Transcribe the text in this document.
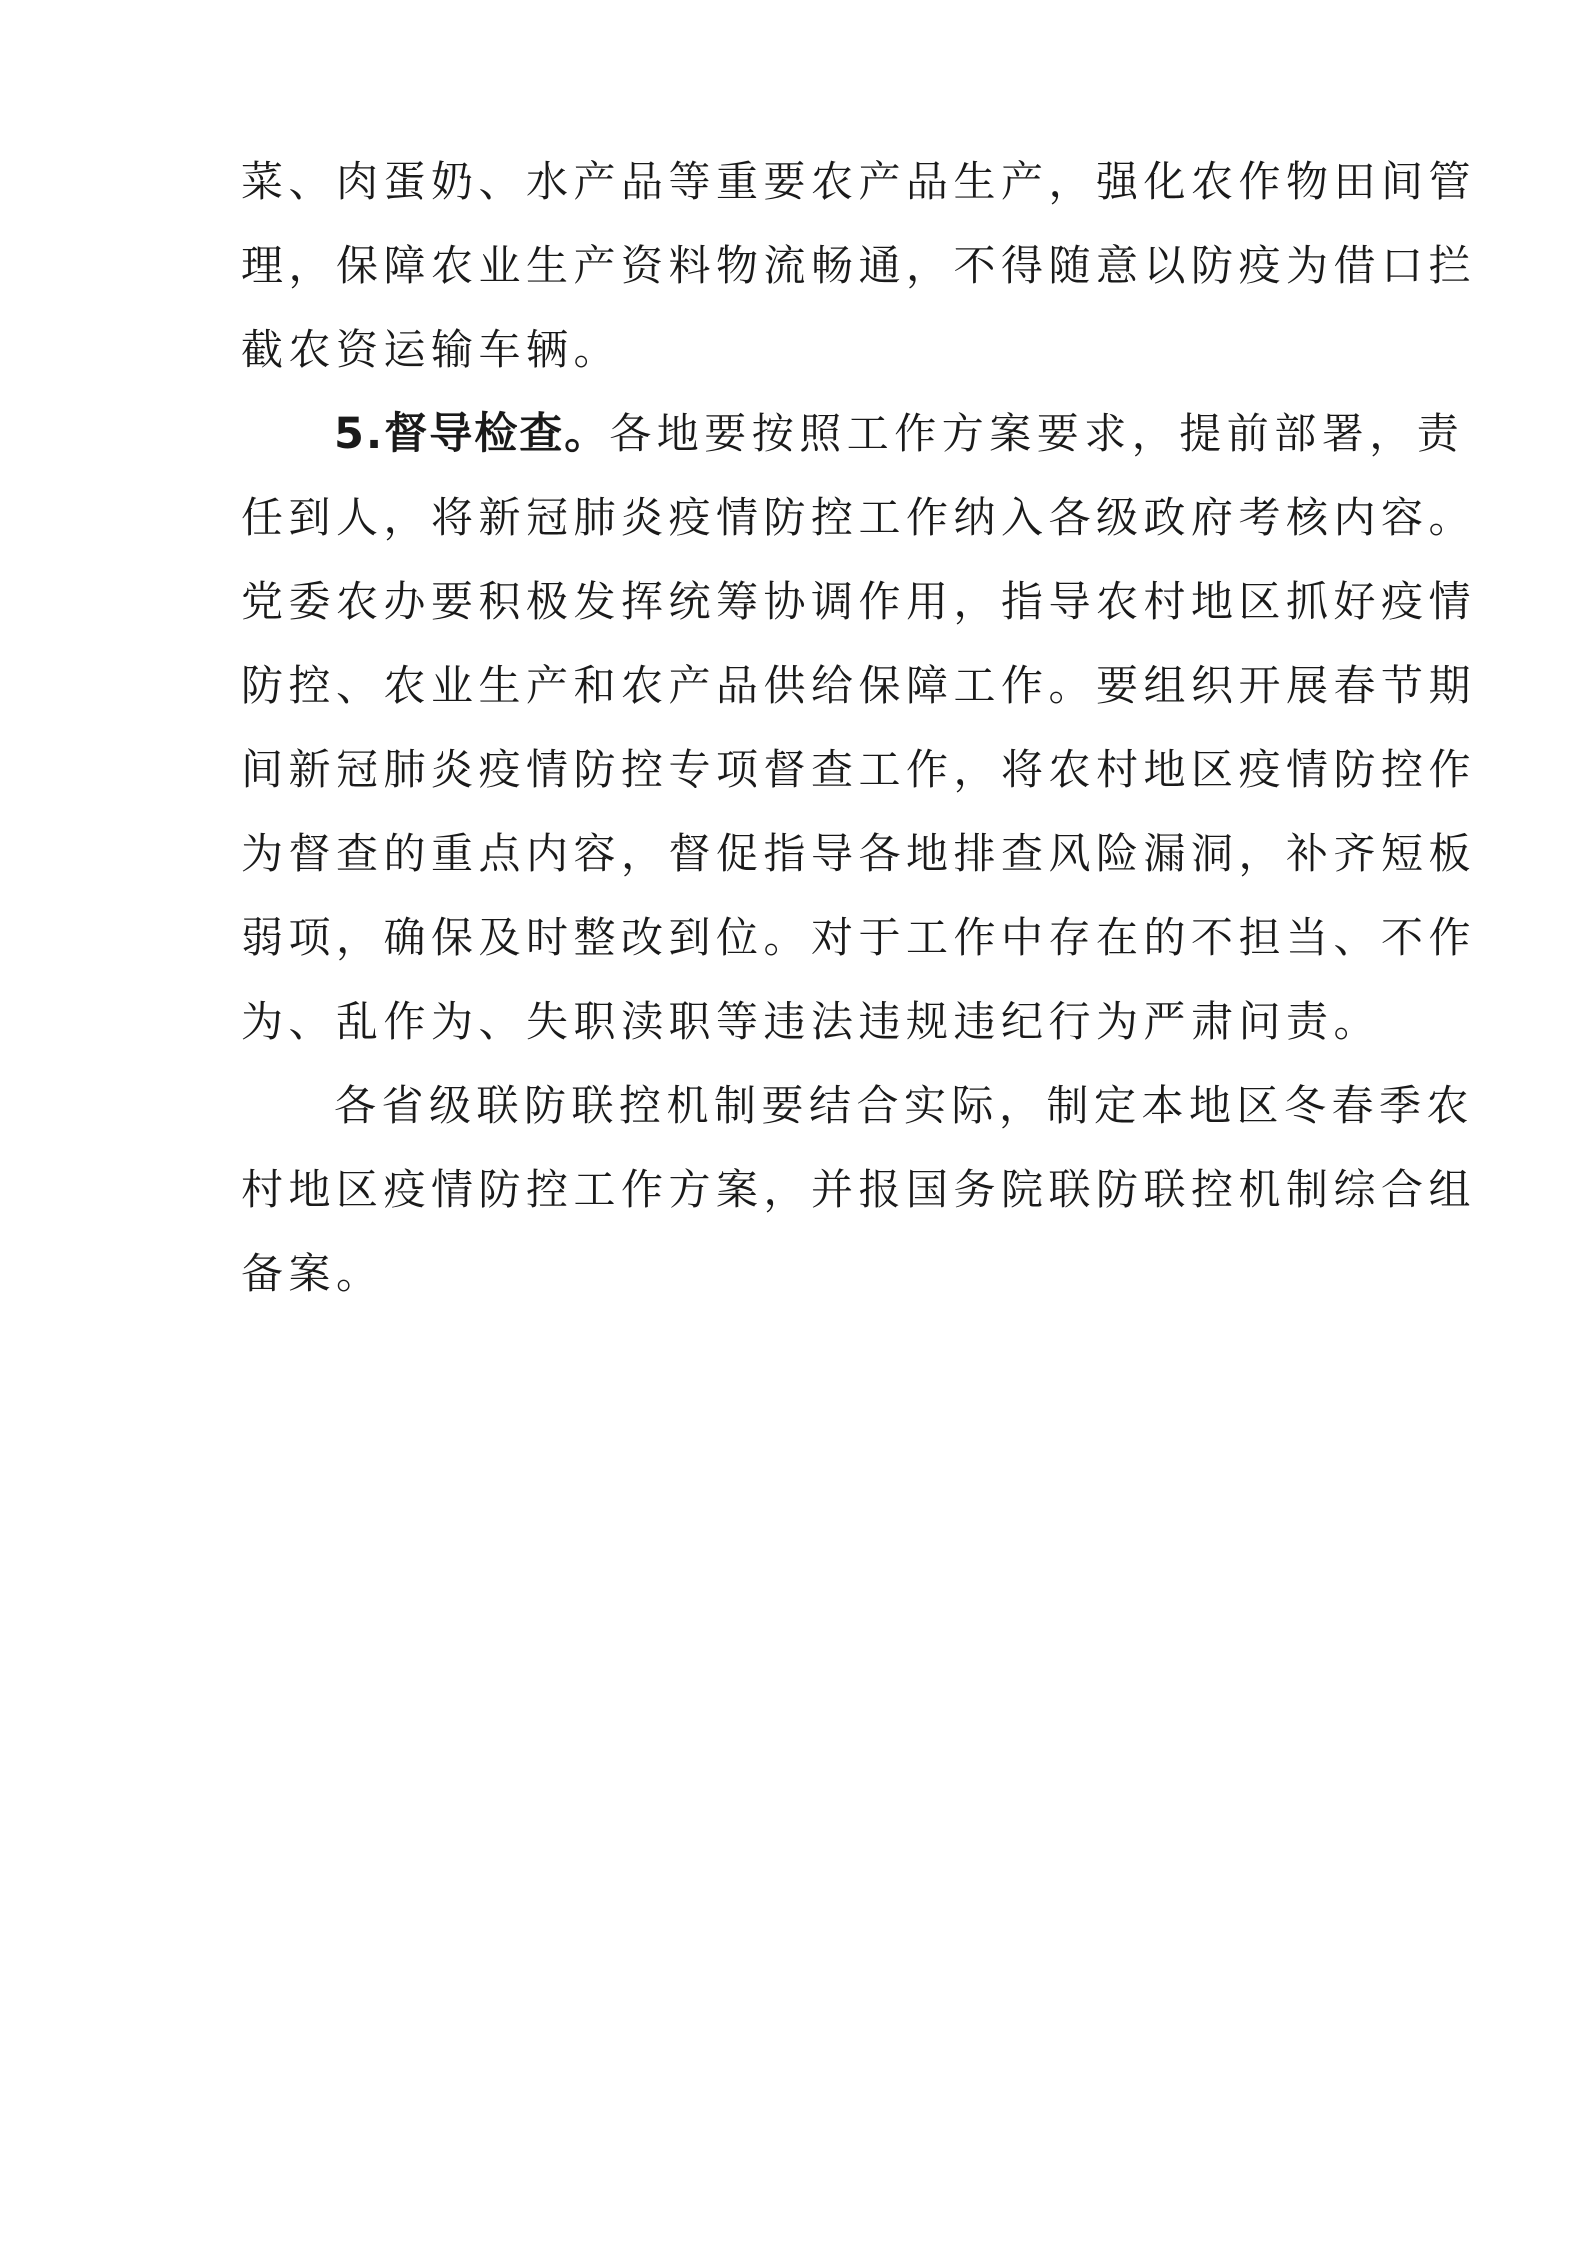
菜、肉蛋奶、水产品等重要农产品生产，强化农作物田间管
理，保障农业生产资料物流畅通，不得随意以防疫为借口拦
截农资运输车辆。
5.督导检查。各地要按照工作方案要求，提前部署，责
任到人，将新冠肺炎疫情防控工作纳入各级政府考核内容。
党委农办要积极发挥统筹协调作用，指导农村地区抓好疫情
防控、农业生产和农产品供给保障工作。要组织开展春节期
间新冠肺炎疫情防控专项督查工作，将农村地区疫情防控作
为督查的重点内容，督促指导各地排查风险漏洞，补齐短板
弱项，确保及时整改到位。对于工作中存在的不担当、不作
为、乱作为、失职渎职等违法违规违纪行为严肃问责。
各省级联防联控机制要结合实际，制定本地区冬春季农
村地区疫情防控工作方案，并报国务院联防联控机制综合组
备案。
